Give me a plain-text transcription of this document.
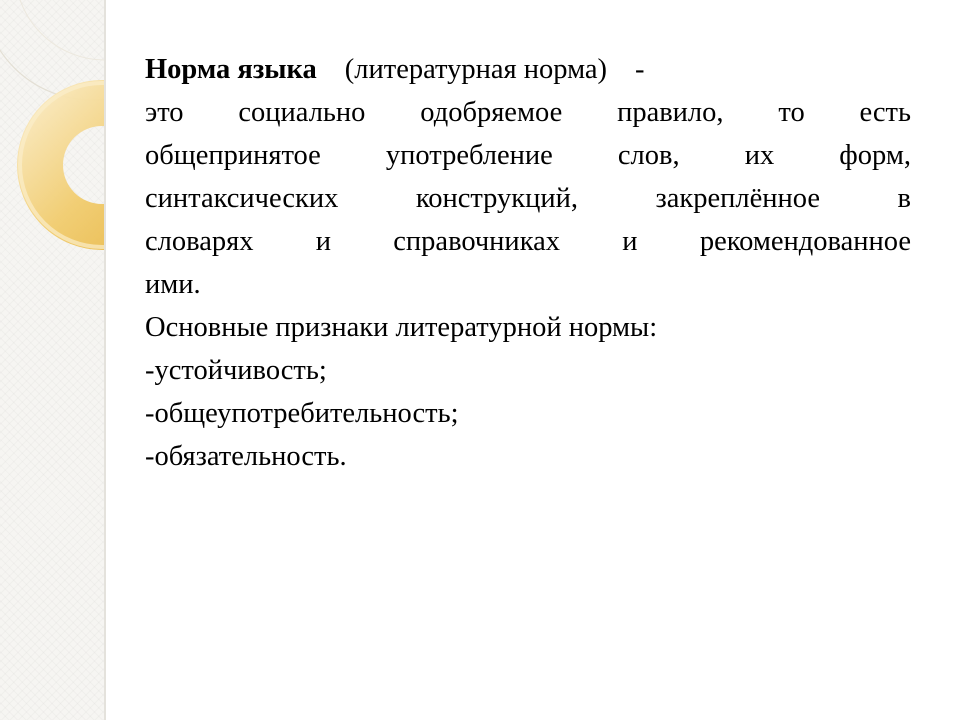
Норма языка (литературная норма) -

это социально одобряемое правило, то есть

общепринятое употребление слов, их форм,

синтаксических конструкций, закреплённое в

словарях и справочниках и рекомендованное

ими.

Основные признаки литературной нормы:

-устойчивость;

-общеупотребительность;

-обязательность.
